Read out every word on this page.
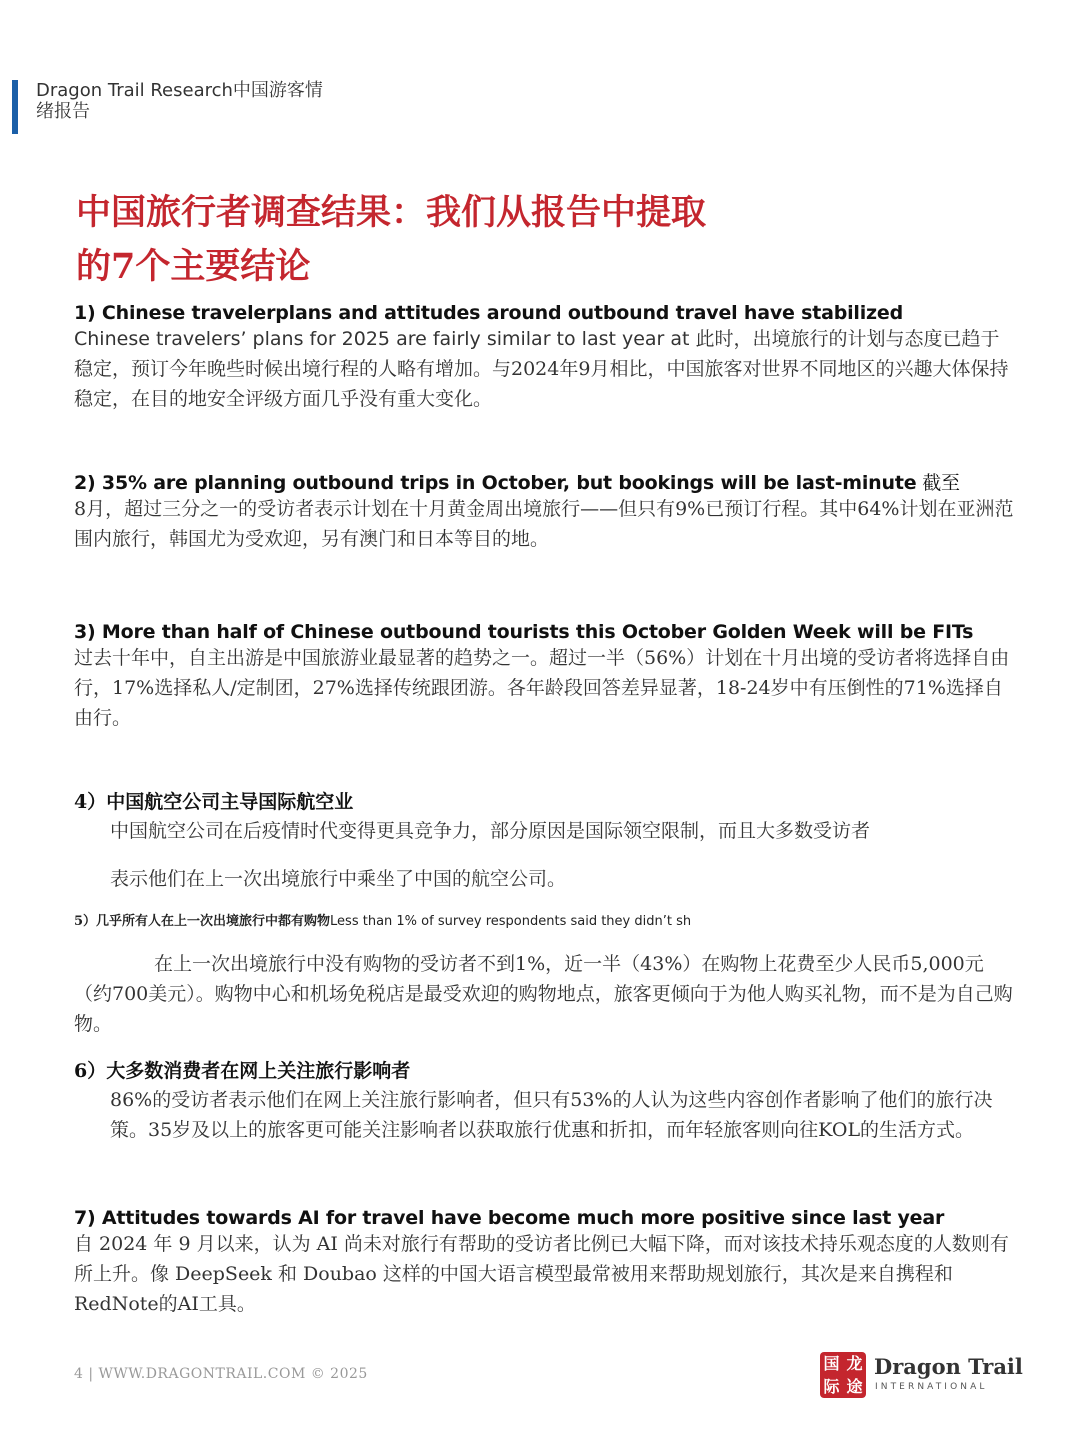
Dragon Trail Research中国游客情
绪报告
中国旅行者调查结果：我们从报告中提取
的7个主要结论
1) Chinese travelerplans and attitudes around outbound travel have stabilized

Chinese travelers’ plans for 2025 are fairly similar to last year at 此时，出境旅行的计划与态度已趋于稳定，预订今年晚些时候出境行程的人略有增加。与2024年9月相比，中国旅客对世界不同地区的兴趣大体保持稳定，在目的地安全评级方面几乎没有重大变化。

2) 35% are planning outbound trips in October, but bookings will be last-minute 截至

8月，超过三分之一的受访者表示计划在十月黄金周出境旅行——但只有9%已预订行程。其中64%计划在亚洲范围内旅行，韩国尤为受欢迎，另有澳门和日本等目的地。

3) More than half of Chinese outbound tourists this October Golden Week will be FITs

过去十年中，自主出游是中国旅游业最显著的趋势之一。超过一半（56%）计划在十月出境的受访者将选择自由行，17%选择私人/定制团，27%选择传统跟团游。各年龄段回答差异显著，18-24岁中有压倒性的71%选择自由行。

4）中国航空公司主导国际航空业

中国航空公司在后疫情时代变得更具竞争力，部分原因是国际领空限制，而且大多数受访者

表示他们在上一次出境旅行中乘坐了中国的航空公司。

5）几乎所有人在上一次出境旅行中都有购物Less than 1% of survey respondents said they didn’t sh

在上一次出境旅行中没有购物的受访者不到1%，近一半（43%）在购物上花费至少人民币5,000元（约700美元）。购物中心和机场免税店是最受欢迎的购物地点，旅客更倾向于为他人购买礼物，而不是为自己购物。

6）大多数消费者在网上关注旅行影响者

86%的受访者表示他们在网上关注旅行影响者，但只有53%的人认为这些内容创作者影响了他们的旅行决策。35岁及以上的旅客更可能关注影响者以获取旅行优惠和折扣，而年轻旅客则向往KOL的生活方式。

7) Attitudes towards AI for travel have become much more positive since last year

自 2024 年 9 月以来，认为 AI 尚未对旅行有帮助的受访者比例已大幅下降，而对该技术持乐观态度的人数则有所上升。像 DeepSeek 和 Doubao 这样的中国大语言模型最常被用来帮助规划旅行，其次是来自携程和RedNote的AI工具。

4 | WWW.DRAGONTRAIL.COM © 2025
国 龙
际 途
Dragon Trail
INTERNATIONAL
